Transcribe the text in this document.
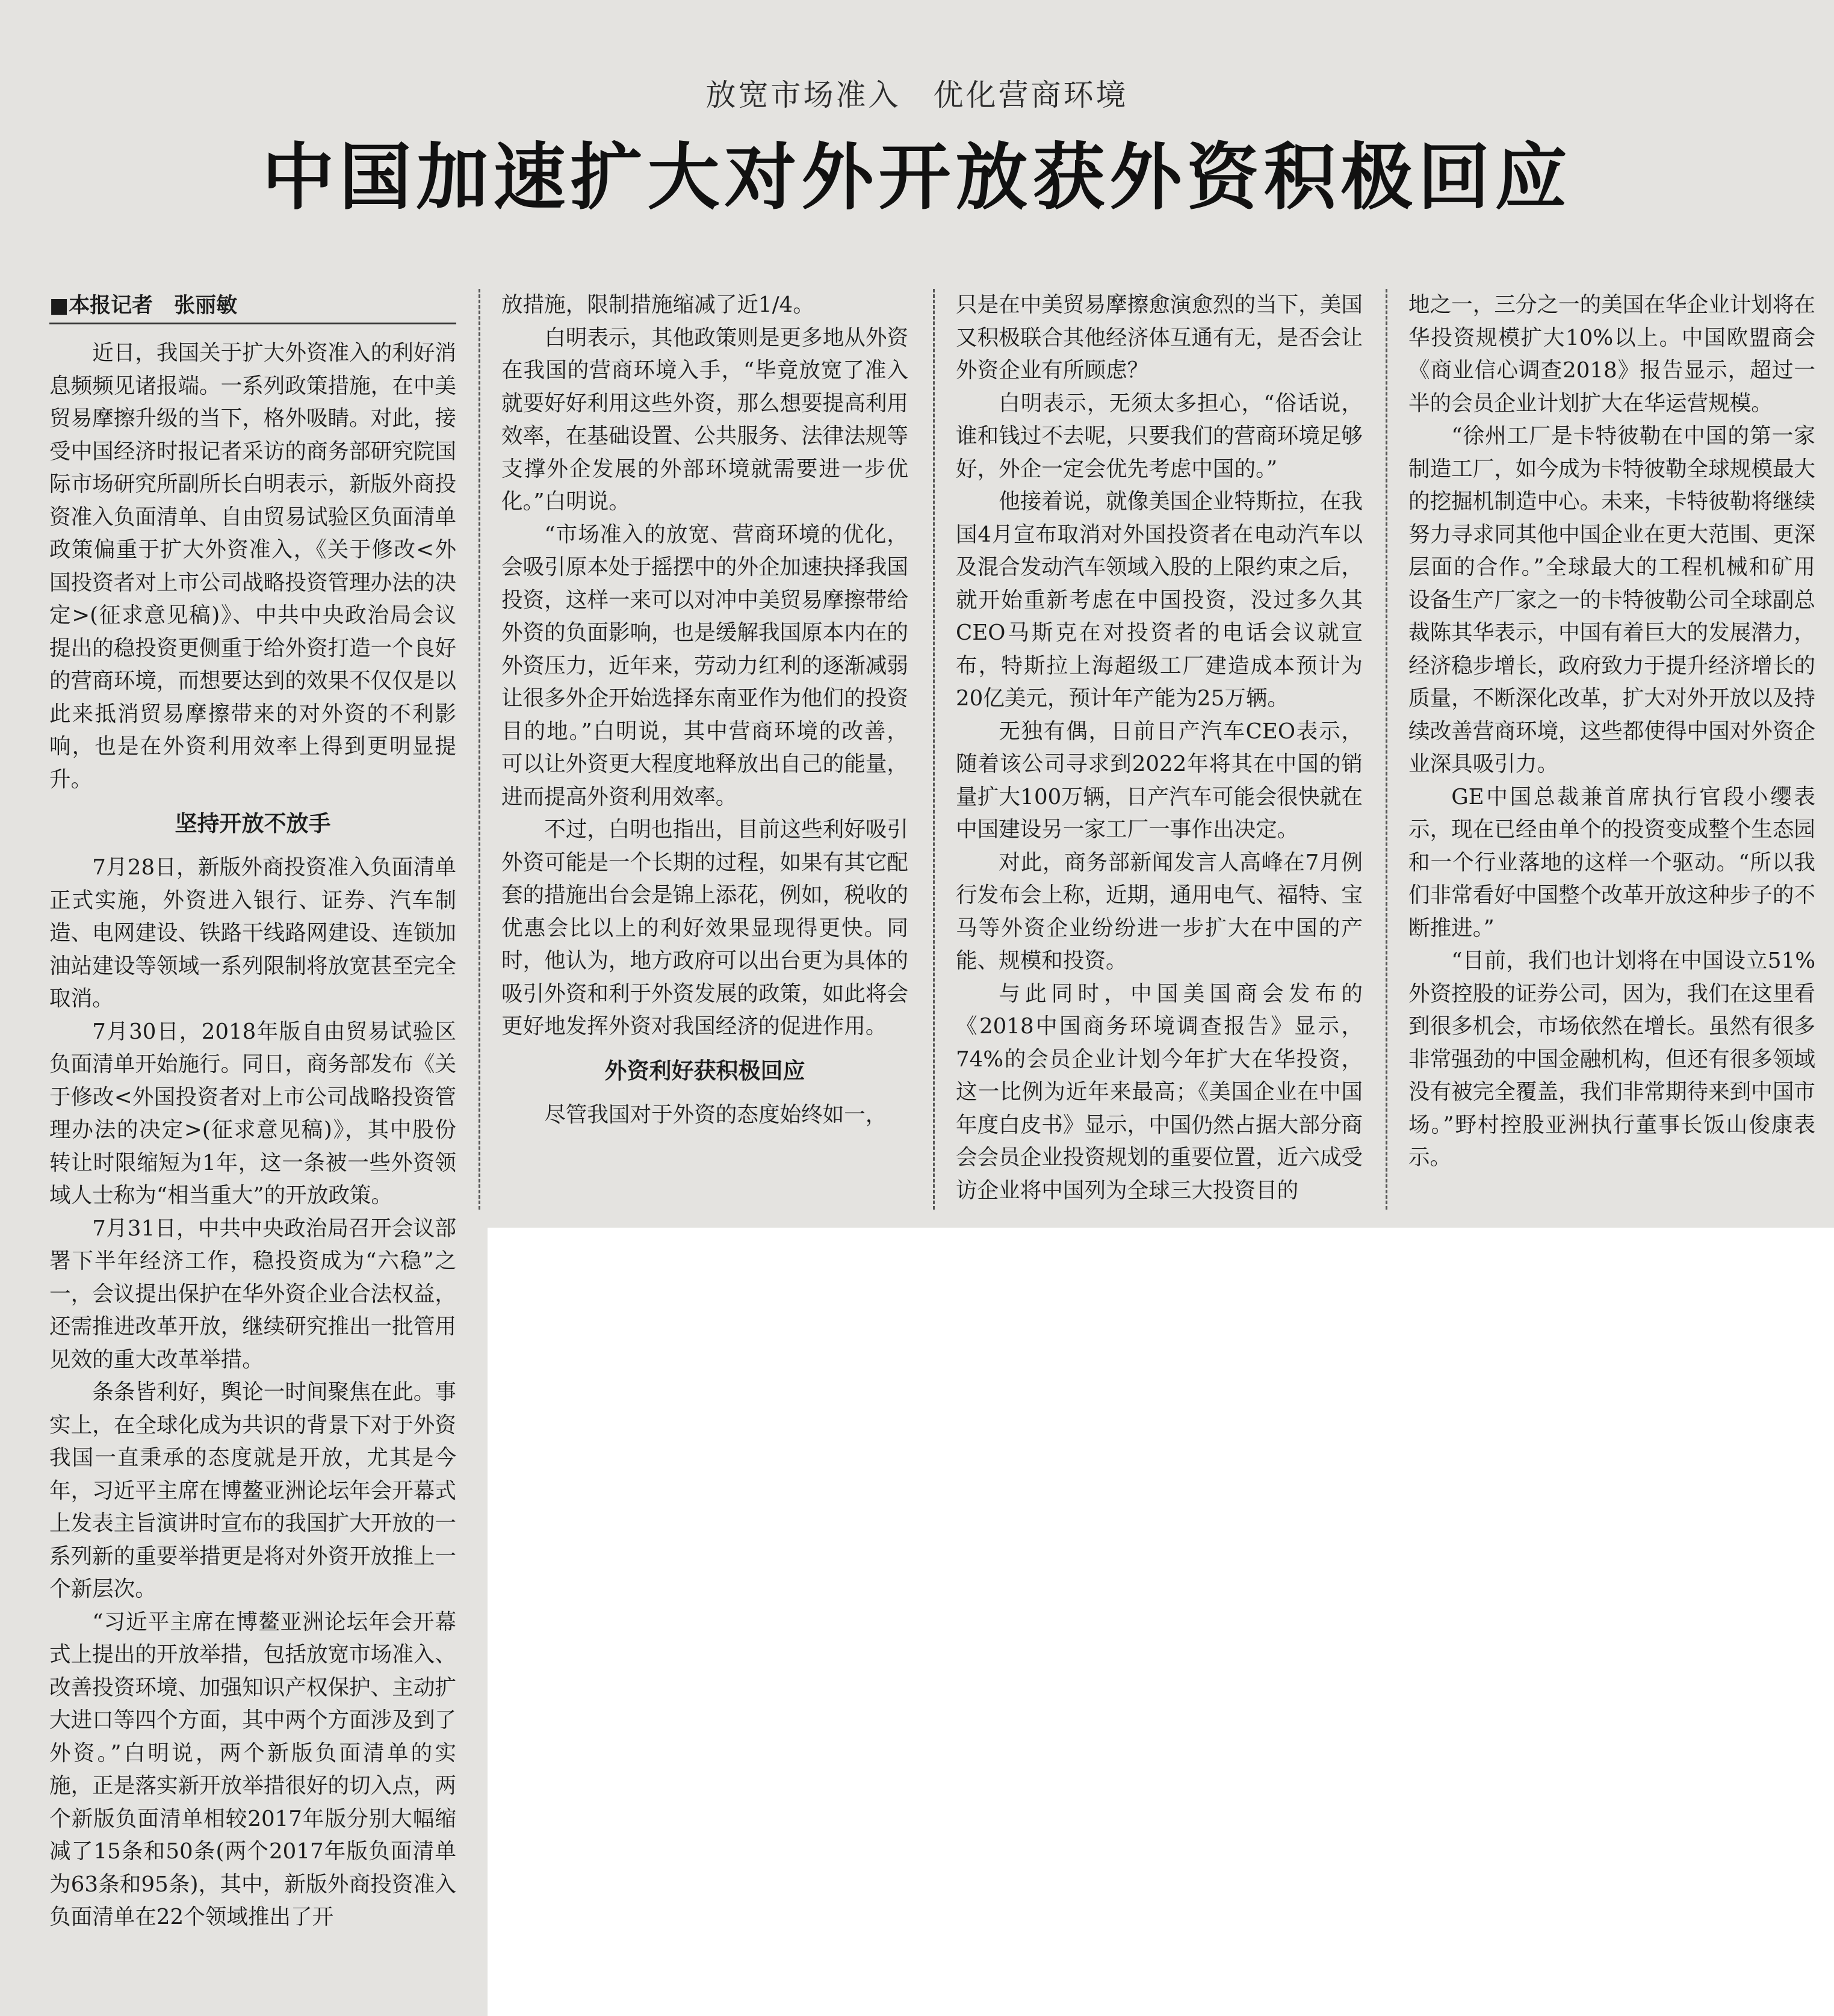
放宽市场准入　优化营商环境
中国加速扩大对外开放获外资积极回应
■本报记者　张丽敏

近日，我国关于扩大外资准入的利好消息频频见诸报端。一系列政策措施，在中美贸易摩擦升级的当下，格外吸睛。对此，接受中国经济时报记者采访的商务部研究院国际市场研究所副所长白明表示，新版外商投资准入负面清单、自由贸易试验区负面清单政策偏重于扩大外资准入，《关于修改<外国投资者对上市公司战略投资管理办法的决定>(征求意见稿)》、中共中央政治局会议提出的稳投资更侧重于给外资打造一个良好的营商环境，而想要达到的效果不仅仅是以此来抵消贸易摩擦带来的对外资的不利影响，也是在外资利用效率上得到更明显提升。

坚持开放不放手

7月28日，新版外商投资准入负面清单正式实施，外资进入银行、证券、汽车制造、电网建设、铁路干线路网建设、连锁加油站建设等领域一系列限制将放宽甚至完全取消。

7月30日，2018年版自由贸易试验区负面清单开始施行。同日，商务部发布《关于修改<外国投资者对上市公司战略投资管理办法的决定>(征求意见稿)》，其中股份转让时限缩短为1年，这一条被一些外资领域人士称为“相当重大”的开放政策。

7月31日，中共中央政治局召开会议部署下半年经济工作，稳投资成为“六稳”之一，会议提出保护在华外资企业合法权益，还需推进改革开放，继续研究推出一批管用见效的重大改革举措。

条条皆利好，舆论一时间聚焦在此。事实上，在全球化成为共识的背景下对于外资我国一直秉承的态度就是开放，尤其是今年，习近平主席在博鳌亚洲论坛年会开幕式上发表主旨演讲时宣布的我国扩大开放的一系列新的重要举措更是将对外资开放推上一个新层次。

“习近平主席在博鳌亚洲论坛年会开幕式上提出的开放举措，包括放宽市场准入、改善投资环境、加强知识产权保护、主动扩大进口等四个方面，其中两个方面涉及到了外资。”白明说，两个新版负面清单的实施，正是落实新开放举措很好的切入点，两个新版负面清单相较2017年版分别大幅缩减了15条和50条(两个2017年版负面清单为63条和95条)，其中，新版外商投资准入负面清单在22个领域推出了开

放措施，限制措施缩减了近1/4。

白明表示，其他政策则是更多地从外资在我国的营商环境入手，“毕竟放宽了准入就要好好利用这些外资，那么想要提高利用效率，在基础设置、公共服务、法律法规等支撑外企发展的外部环境就需要进一步优化。”白明说。

“市场准入的放宽、营商环境的优化，会吸引原本处于摇摆中的外企加速抉择我国投资，这样一来可以对冲中美贸易摩擦带给外资的负面影响，也是缓解我国原本内在的外资压力，近年来，劳动力红利的逐渐减弱让很多外企开始选择东南亚作为他们的投资目的地。”白明说，其中营商环境的改善，可以让外资更大程度地释放出自己的能量，进而提高外资利用效率。

不过，白明也指出，目前这些利好吸引外资可能是一个长期的过程，如果有其它配套的措施出台会是锦上添花，例如，税收的优惠会比以上的利好效果显现得更快。同时，他认为，地方政府可以出台更为具体的吸引外资和利于外资发展的政策，如此将会更好地发挥外资对我国经济的促进作用。

外资利好获积极回应

尽管我国对于外资的态度始终如一，

只是在中美贸易摩擦愈演愈烈的当下，美国又积极联合其他经济体互通有无，是否会让外资企业有所顾虑？

白明表示，无须太多担心，“俗话说，谁和钱过不去呢，只要我们的营商环境足够好，外企一定会优先考虑中国的。”

他接着说，就像美国企业特斯拉，在我国4月宣布取消对外国投资者在电动汽车以及混合发动汽车领域入股的上限约束之后，就开始重新考虑在中国投资，没过多久其CEO马斯克在对投资者的电话会议就宣布，特斯拉上海超级工厂建造成本预计为20亿美元，预计年产能为25万辆。

无独有偶，日前日产汽车CEO表示，随着该公司寻求到2022年将其在中国的销量扩大100万辆，日产汽车可能会很快就在中国建设另一家工厂一事作出决定。

对此，商务部新闻发言人高峰在7月例行发布会上称，近期，通用电气、福特、宝马等外资企业纷纷进一步扩大在中国的产能、规模和投资。

与此同时，中国美国商会发布的《2018中国商务环境调查报告》显示，74%的会员企业计划今年扩大在华投资，这一比例为近年来最高；《美国企业在中国年度白皮书》显示，中国仍然占据大部分商会会员企业投资规划的重要位置，近六成受访企业将中国列为全球三大投资目的

地之一，三分之一的美国在华企业计划将在华投资规模扩大10%以上。中国欧盟商会《商业信心调查2018》报告显示，超过一半的会员企业计划扩大在华运营规模。

“徐州工厂是卡特彼勒在中国的第一家制造工厂，如今成为卡特彼勒全球规模最大的挖掘机制造中心。未来，卡特彼勒将继续努力寻求同其他中国企业在更大范围、更深层面的合作。”全球最大的工程机械和矿用设备生产厂家之一的卡特彼勒公司全球副总裁陈其华表示，中国有着巨大的发展潜力，经济稳步增长，政府致力于提升经济增长的质量，不断深化改革，扩大对外开放以及持续改善营商环境，这些都使得中国对外资企业深具吸引力。

GE中国总裁兼首席执行官段小缨表示，现在已经由单个的投资变成整个生态园和一个行业落地的这样一个驱动。“所以我们非常看好中国整个改革开放这种步子的不断推进。”

“目前，我们也计划将在中国设立51%外资控股的证券公司，因为，我们在这里看到很多机会，市场依然在增长。虽然有很多非常强劲的中国金融机构，但还有很多领域没有被完全覆盖，我们非常期待来到中国市场。”野村控股亚洲执行董事长饭山俊康表示。
